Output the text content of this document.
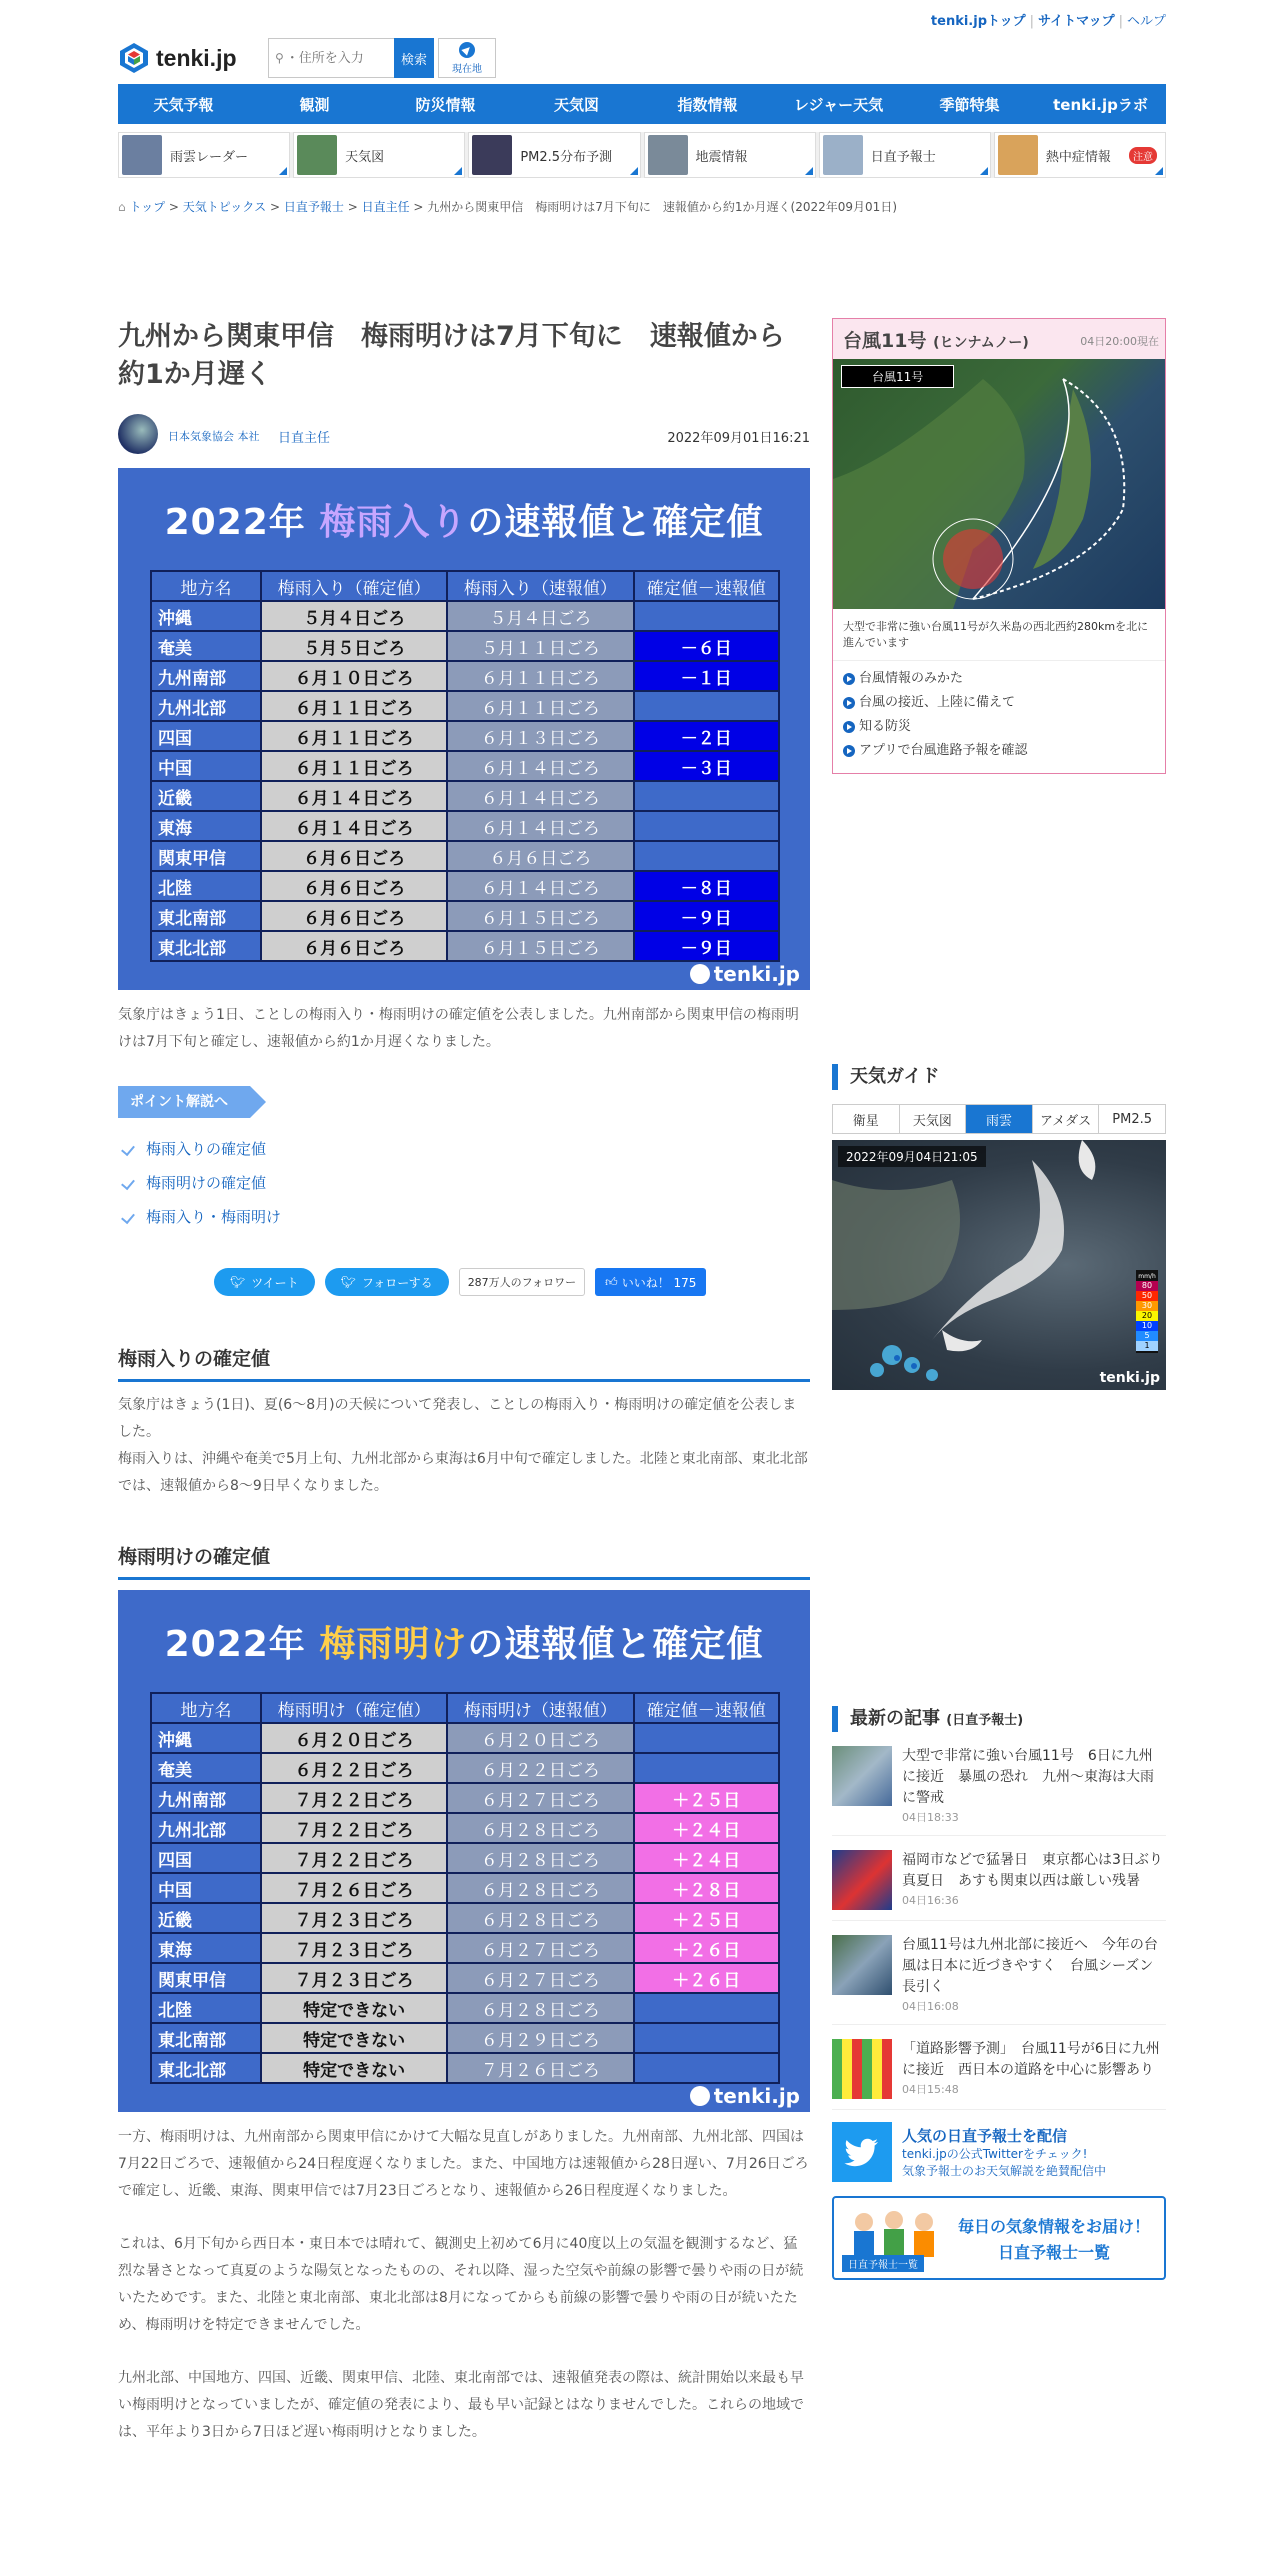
tenki.jpトップ | サイトマップ | ヘルプ
tenki.jp	⚲
・住所を入力	検索
現在地
天気予報	観測	防災情報	天気図	指数情報	レジャー天気	季節特集	tenki.jpラボ
雨雲レーダー	天気図	PM2.5分布予測	地震情報	日直予報士	熱中症情報	注意
⌂ トップ > 天気トピックス > 日直予報士 > 日直主任 > 九州から関東甲信　梅雨明けは7月下旬に　速報値から約1か月遅く(2022年09月01日)
九州から関東甲信　梅雨明けは7月下旬に　速報値から約1か月遅く
日本気象協会 本社 日直主任	2022年09月01日16:21
2022年
梅雨入り の速報値と確定値
地方名	梅雨入り（確定値）	梅雨入り（速報値）	確定値－速報値
沖縄	５月４日ごろ	５月４日ごろ	
奄美	５月５日ごろ	５月１１日ごろ	－６日
九州南部	６月１０日ごろ	６月１１日ごろ	－１日
九州北部	６月１１日ごろ	６月１１日ごろ	
四国	６月１１日ごろ	６月１３日ごろ	－２日
中国	６月１１日ごろ	６月１４日ごろ	－３日
近畿	６月１４日ごろ	６月１４日ごろ	
東海	６月１４日ごろ	６月１４日ごろ	
関東甲信	６月６日ごろ	６月６日ごろ	
北陸	６月６日ごろ	６月１４日ごろ	－８日
東北南部	６月６日ごろ	６月１５日ごろ	－９日
東北北部	６月６日ごろ	６月１５日ごろ	－９日
tenki.jp

気象庁はきょう1日、ことしの梅雨入り・梅雨明けの確定値を公表しました。九州南部から関東甲信の梅雨明けは7月下旬と確定し、速報値から約1か月遅くなりました。

ポイント解説へ
梅雨入りの確定値
梅雨明けの確定値
梅雨入り・梅雨明け
🐦︎ ツイート	🐦︎ フォローする	287万人のフォロワー	👍︎ いいね！ 175
梅雨入りの確定値

気象庁はきょう(1日)、夏(6～8月)の天候について発表し、ことしの梅雨入り・梅雨明けの確定値を公表しました。

梅雨入りは、沖縄や奄美で5月上旬、九州北部から東海は6月中旬で確定しました。北陸と東北南部、東北北部では、速報値から8～9日早くなりました。

梅雨明けの確定値
2022年
梅雨明け の速報値と確定値
地方名	梅雨明け（確定値）	梅雨明け（速報値）	確定値－速報値
沖縄	６月２０日ごろ	６月２０日ごろ	
奄美	６月２２日ごろ	６月２２日ごろ	
九州南部	７月２２日ごろ	６月２７日ごろ	＋２５日
九州北部	７月２２日ごろ	６月２８日ごろ	＋２４日
四国	７月２２日ごろ	６月２８日ごろ	＋２４日
中国	７月２６日ごろ	６月２８日ごろ	＋２８日
近畿	７月２３日ごろ	６月２８日ごろ	＋２５日
東海	７月２３日ごろ	６月２７日ごろ	＋２６日
関東甲信	７月２３日ごろ	６月２７日ごろ	＋２６日
北陸	特定できない	６月２８日ごろ	
東北南部	特定できない	６月２９日ごろ	
東北北部	特定できない	７月２６日ごろ	
tenki.jp

一方、梅雨明けは、九州南部から関東甲信にかけて大幅な見直しがありました。九州南部、九州北部、四国は7月22日ごろで、速報値から24日程度遅くなりました。また、中国地方は速報値から28日遅い、7月26日ごろで確定し、近畿、東海、関東甲信では7月23日ごろとなり、速報値から26日程度遅くなりました。

これは、6月下旬から西日本・東日本では晴れて、観測史上初めて6月に40度以上の気温を観測するなど、猛烈な暑さとなって真夏のような陽気となったものの、それ以降、湿った空気や前線の影響で曇りや雨の日が続いたためです。また、北陸と東北南部、東北北部は8月になってからも前線の影響で曇りや雨の日が続いたため、梅雨明けを特定できませんでした。

九州北部、中国地方、四国、近畿、関東甲信、北陸、東北南部では、速報値発表の際は、統計開始以来最も早い梅雨明けとなっていましたが、確定値の発表により、最も早い記録とはなりませんでした。これらの地域では、平年より3日から7日ほど遅い梅雨明けとなりました。

台風11号 (ヒンナムノー)	04日20:00現在
台風11号
大型で非常に強い台風11号が久米島の西北西約280kmを北に進んでいます
台風情報のみかた
台風の接近、上陸に備えて
知る防災
アプリで台風進路予報を確認
天気ガイド
衛星	天気図	雨雲	アメダス	PM2.5
2022年09月04日21:05
mm/h
80
50
30
20
10
5
1
tenki.jp
最新の記事 (日直予報士)
大型で非常に強い台風11号　6日に九州に接近　暴風の恐れ　九州～東海は大雨に警戒
04日18:33
福岡市などで猛暑日　東京都心は3日ぶり真夏日　あすも関東以西は厳しい残暑
04日16:36
台風11号は九州北部に接近へ　今年の台風は日本に近づきやすく　台風シーズン長引く
04日16:08
「道路影響予測」　台風11号が6日に九州に接近　西日本の道路を中心に影響あり
04日15:48
人気の日直予報士を配信
tenki.jpの公式Twitterをチェック!
気象予報士のお天気解説を絶賛配信中
日直予報士一覧
毎日の気象情報をお届け！
日直予報士一覧
